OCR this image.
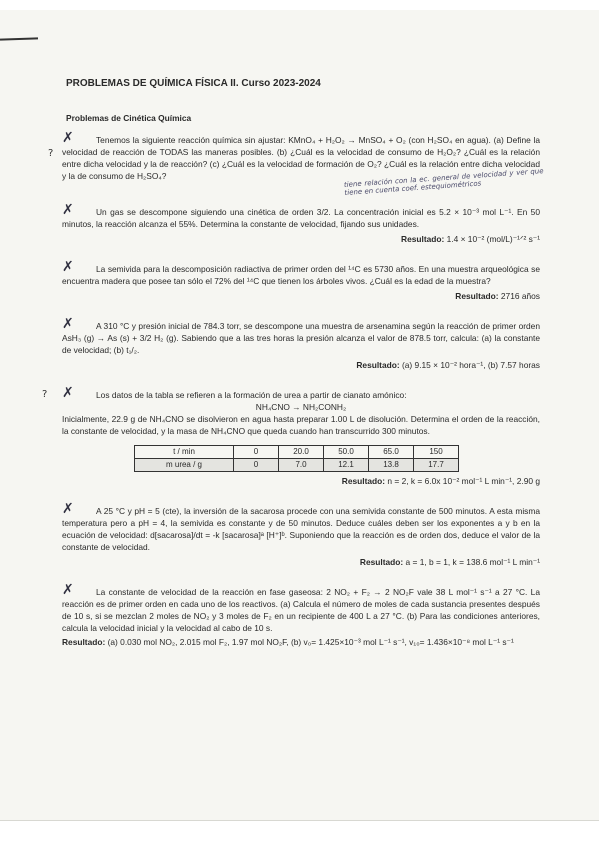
PROBLEMAS DE QUÍMICA FÍSICA II. Curso 2023-2024
Problemas de Cinética Química
?
✗	Tenemos la siguiente reacción química sin ajustar: KMnO₄ + H₂O₂ → MnSO₄ + O₂ (con H₂SO₄ en agua). (a) Define la velocidad de reacción de TODAS las maneras posibles. (b) ¿Cuál es la velocidad de consumo de H₂O₂? ¿Cuál es la relación entre dicha velocidad y la de reacción? (c) ¿Cuál es la velocidad de formación de O₂? ¿Cuál es la relación entre dicha velocidad y la de consumo de H₂SO₄?	tiene relación con la ec. general de velocidad y ver que tiene en cuenta coef. estequiométricos
✗	Un gas se descompone siguiendo una cinética de orden 3/2. La concentración inicial es 5.2 × 10⁻³ mol L⁻¹. En 50 minutos, la reacción alcanza el 55%. Determina la constante de velocidad, fijando sus unidades.

Resultado: 1.4 × 10⁻² (mol/L)⁻¹ᐟ² s⁻¹
✗	La semivida para la descomposición radiactiva de primer orden del ¹⁴C es 5730 años. En una muestra arqueológica se encuentra madera que posee tan sólo el 72% del ¹⁴C que tienen los árboles vivos. ¿Cuál es la edad de la muestra?

Resultado: 2716 años
✗	A 310 °C y presión inicial de 784.3 torr, se descompone una muestra de arsenamina según la reacción de primer orden AsH₃ (g) → As (s) + 3/2 H₂ (g). Sabiendo que a las tres horas la presión alcanza el valor de 878.5 torr, calcula: (a) la constante de velocidad; (b) t₁/₂.

Resultado: (a) 9.15 × 10⁻² hora⁻¹, (b) 7.57 horas
? ✗	Los datos de la tabla se refieren a la formación de urea a partir de cianato amónico:

NH₄CNO → NH₂CONH₂

Inicialmente, 22.9 g de NH₄CNO se disolvieron en agua hasta preparar 1.00 L de disolución. Determina el orden de la reacción, la constante de velocidad, y la masa de NH₄CNO que queda cuando han transcurrido 300 minutos.

t / min	0	20.0	50.0	65.0	150
m urea / g	0	7.0	12.1	13.8	17.7
Resultado: n = 2, k = 6.0x 10⁻² mol⁻¹ L min⁻¹, 2.90 g
✗	A 25 °C y pH = 5 (cte), la inversión de la sacarosa procede con una semivida constante de 500 minutos. A esta misma temperatura pero a pH = 4, la semivida es constante y de 50 minutos. Deduce cuáles deben ser los exponentes a y b en la ecuación de velocidad: d[sacarosa]/dt = -k [sacarosa]ᵃ [H⁺]ᵇ. Suponiendo que la reacción es de orden dos, deduce el valor de la constante de velocidad.

Resultado: a = 1, b = 1, k = 138.6 mol⁻¹ L min⁻¹
✗	La constante de velocidad de la reacción en fase gaseosa: 2 NO₂ + F₂ → 2 NO₂F vale 38 L mol⁻¹ s⁻¹ a 27 °C. La reacción es de primer orden en cada uno de los reactivos. (a) Calcula el número de moles de cada sustancia presentes después de 10 s, si se mezclan 2 moles de NO₂ y 3 moles de F₂ en un recipiente de 400 L a 27 °C. (b) Para las condiciones anteriores, calcula la velocidad inicial y la velocidad al cabo de 10 s.

Resultado: (a) 0.030 mol NO₂, 2.015 mol F₂, 1.97 mol NO₂F, (b) v₀= 1.425×10⁻³ mol L⁻¹ s⁻¹, v₁₀= 1.436×10⁻⁸ mol L⁻¹ s⁻¹
